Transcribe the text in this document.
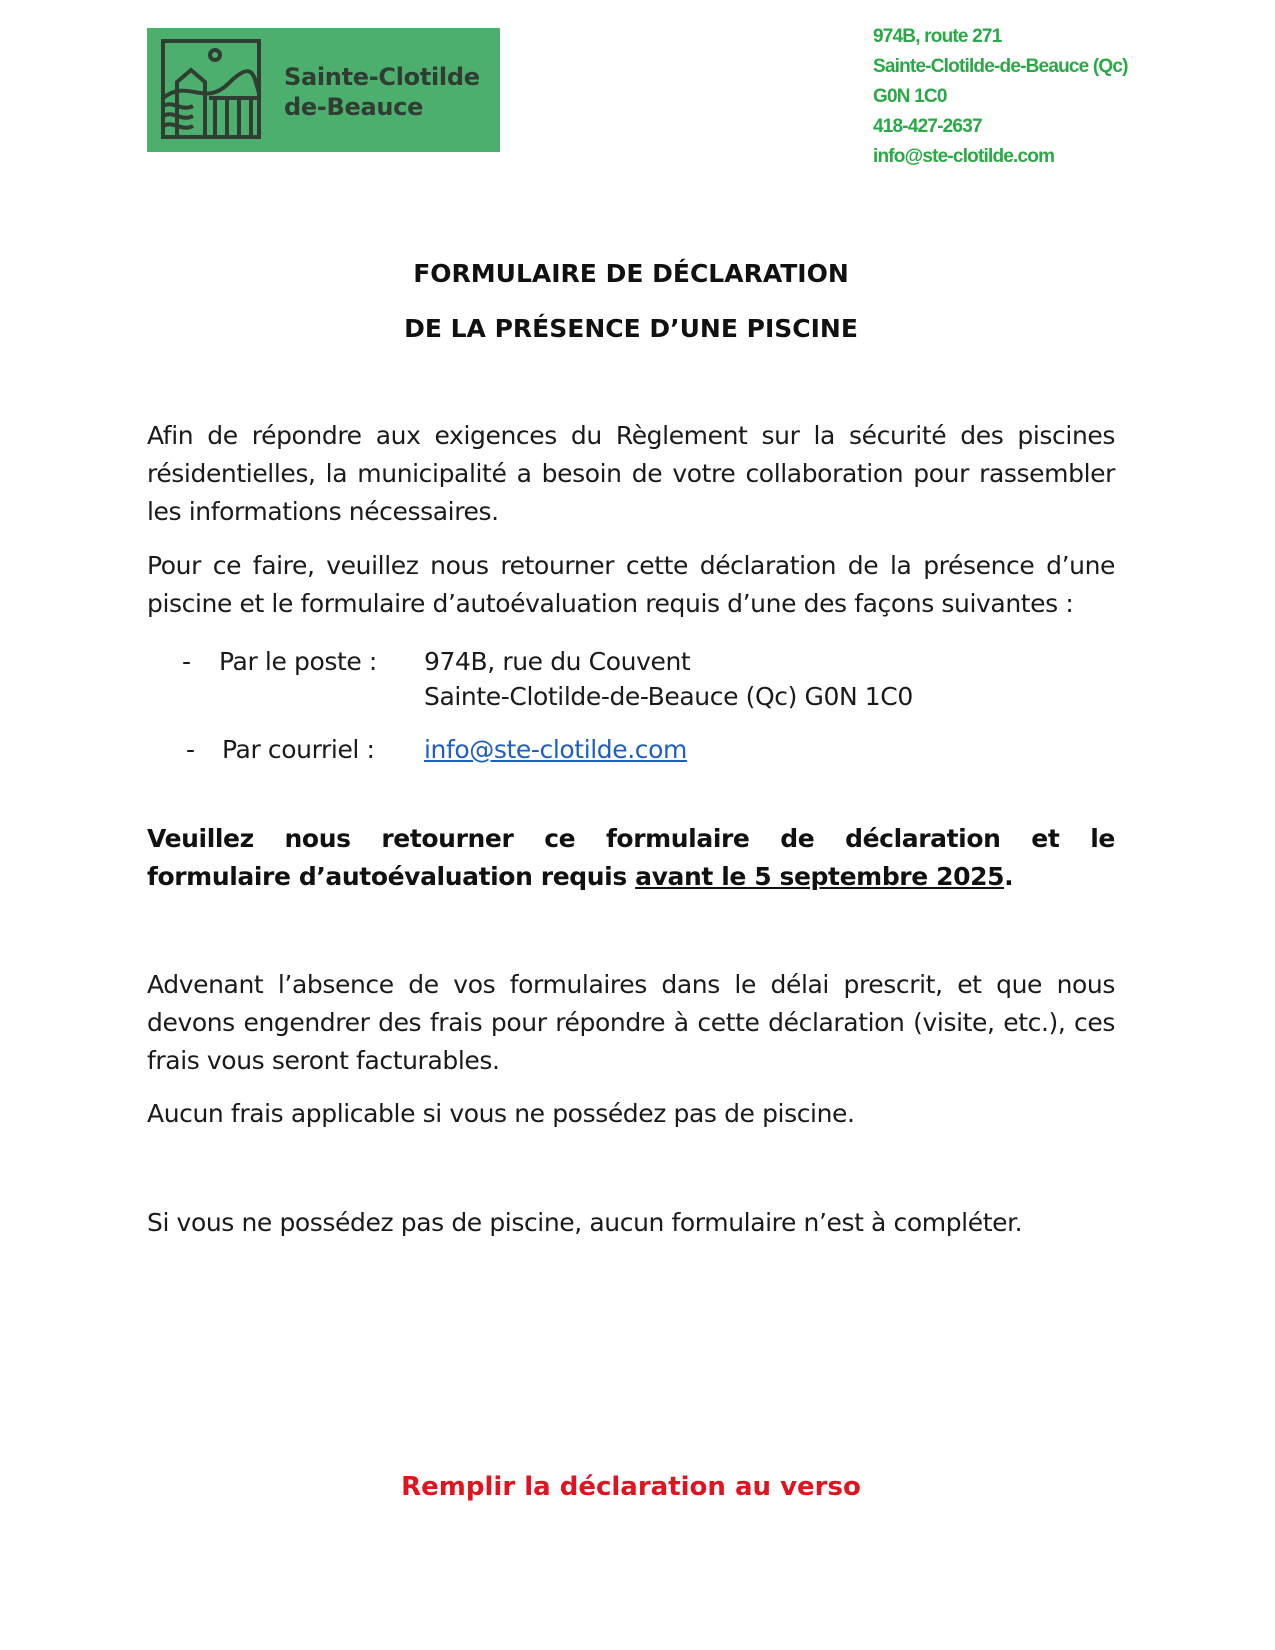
Sainte-Clotilde
de-Beauce
974B, route 271
Sainte-Clotilde-de-Beauce (Qc)
G0N 1C0
418-427-2637
info@ste-clotilde.com
FORMULAIRE DE DÉCLARATION
DE LA PRÉSENCE D’UNE PISCINE
Afin de répondre aux exigences du Règlement sur la sécurité des piscines résidentielles, la municipalité a besoin de votre collaboration pour rassembler les informations nécessaires.
Pour ce faire, veuillez nous retourner cette déclaration de la présence d’une piscine et le formulaire d’autoévaluation requis d’une des façons suivantes :
- Par le poste : 974B, rue du Couvent
Sainte-Clotilde-de-Beauce (Qc) G0N 1C0
- Par courriel : info@ste-clotilde.com
Veuillez nous retourner ce formulaire de déclaration et le
formulaire d’autoévaluation requis avant le 5 septembre 2025.
Advenant l’absence de vos formulaires dans le délai prescrit, et que nous devons engendrer des frais pour répondre à cette déclaration (visite, etc.), ces frais vous seront facturables.
Aucun frais applicable si vous ne possédez pas de piscine.
Si vous ne possédez pas de piscine, aucun formulaire n’est à compléter.
Remplir la déclaration au verso
